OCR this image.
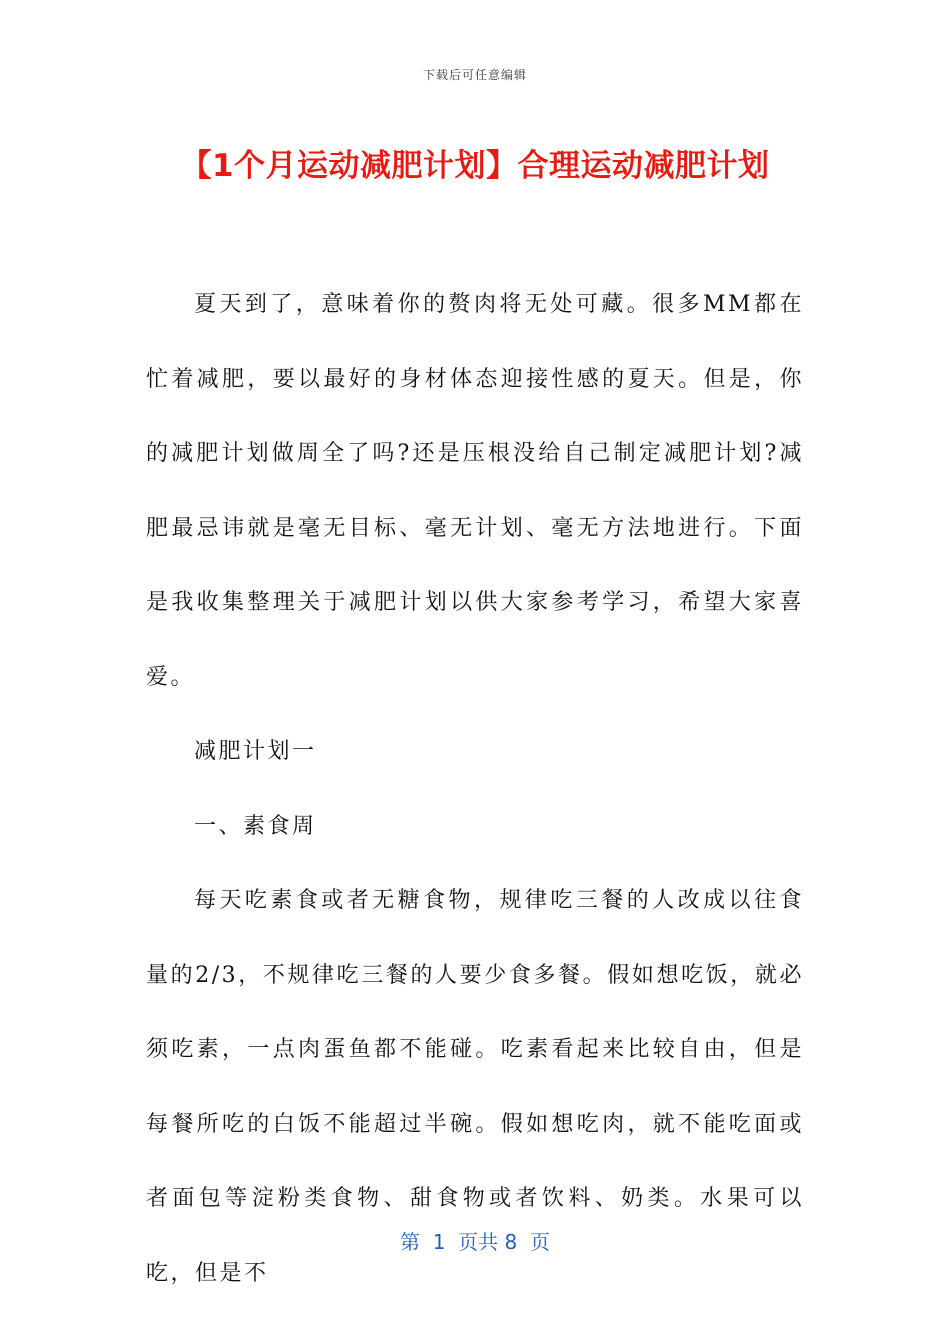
下载后可任意编辑
【1个月运动减肥计划】合理运动减肥计划

夏天到了，意味着你的赘肉将无处可藏。很多MM都在忙着减肥，要以最好的身材体态迎接性感的夏天。但是，你的减肥计划做周全了吗?还是压根没给自己制定减肥计划?减肥最忌讳就是毫无目标、毫无计划、毫无方法地进行。下面是我收集整理关于减肥计划以供大家参考学习，希望大家喜爱。

减肥计划一

一、素食周

每天吃素食或者无糖食物，规律吃三餐的人改成以往食量的2/3，不规律吃三餐的人要少食多餐。假如想吃饭，就必须吃素，一点肉蛋鱼都不能碰。吃素看起来比较自由，但是每餐所吃的白饭不能超过半碗。假如想吃肉，就不能吃面或者面包等淀粉类食物、甜食物或者饮料、奶类。水果可以吃，但是不

第  1  页共 8  页
